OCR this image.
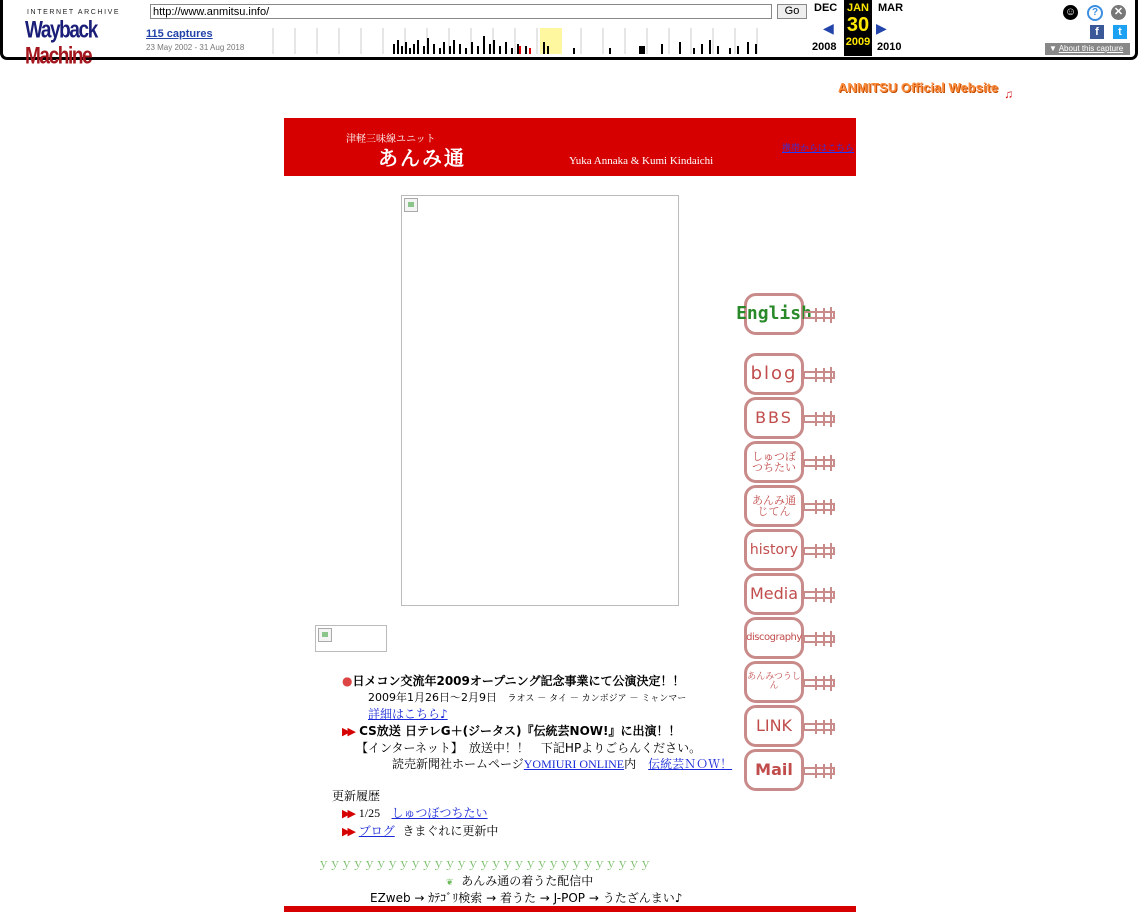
INTERNET ARCHIVE
WaybackMachine
http://www.anmitsu.info/	Go
115 captures
23 May 2002 - 31 Aug 2018
DEC
◀
2008
JAN
30
2009
MAR
▶
2010
☺	?	✕
f	t
▼ About this capture
ANMITSU Official Website ♫
津軽三味線ユニット
あんみ通	Yuka Annaka & Kumi Kindaichi
携帯からはこちら
English
blog
BBS
しゅつぼつちたい
あんみ通じてん
history
Media
discography
あんみつうしん
LINK
Mail
●日メコン交流年2009オープニング記念事業にて公演決定！！
2009年1月26日～2月9日 ラオス － タイ － カンボジア － ミャンマー
詳細はこちら♪
▶▶ CS放送 日テレG＋(ジータス)『伝統芸NOW!』に出演！！
【インターネット】　放送中！！　下記HPよりごらんください。
読売新聞社ホームページYOMIURI ONLINE内　伝統芸ＮＯＷ！
更新履歴
▶▶ 1/25 しゅつぼつちたい
▶▶ ブログ きまぐれに更新中
ｙｙｙｙｙｙｙｙｙｙｙｙｙｙｙｙｙｙｙｙｙｙｙｙｙｙｙｙｙ
❦ あんみ通の着うた配信中
EZweb → ｶﾃｺﾞﾘ検索 → 着うた → J-POP → うたざんまい♪
